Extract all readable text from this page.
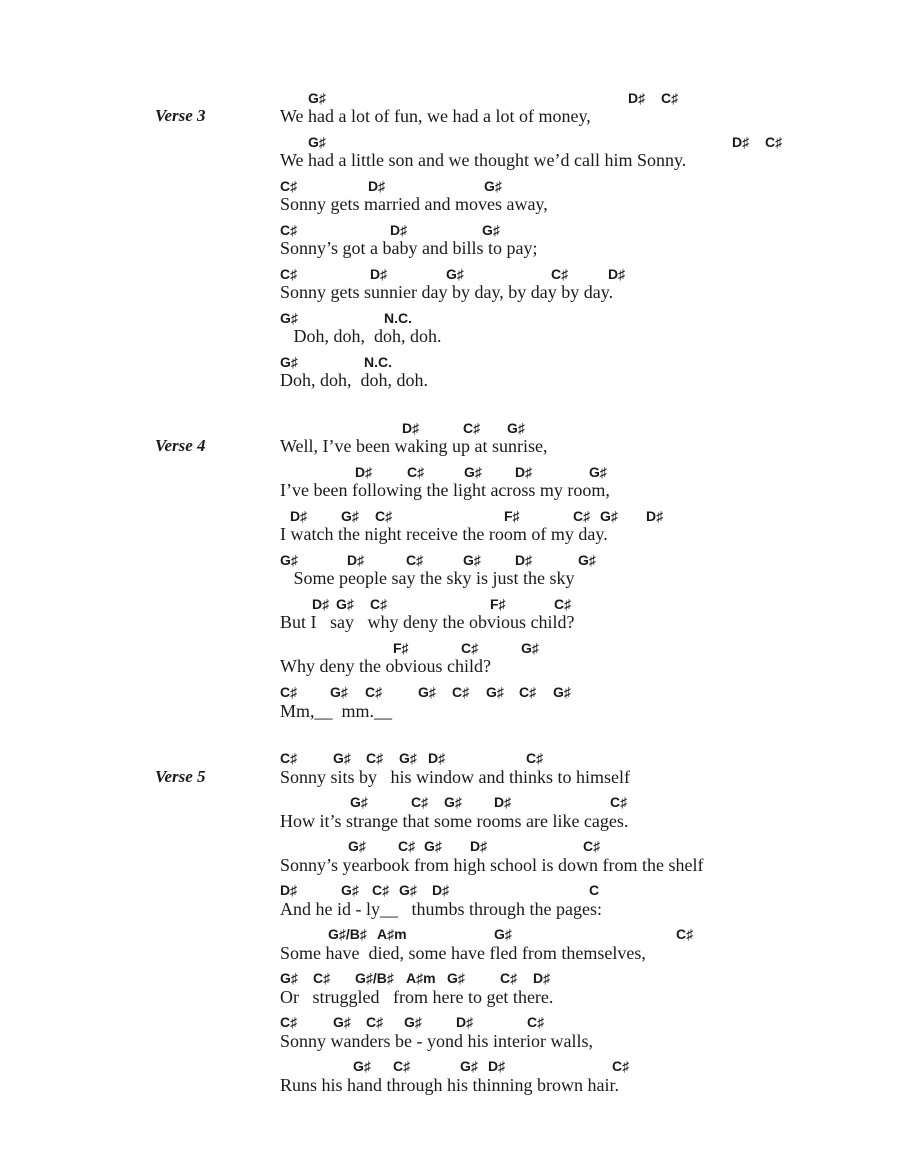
Verse 3
G♯	D♯ C♯
We had a lot of fun, we had a lot of money,
G♯	D♯ C♯
We had a little son and we thought we’d call him Sonny.
C♯	D♯	G♯
Sonny gets married and moves away,
C♯	D♯	G♯
Sonny’s got a baby and bills to pay;
C♯	D♯	G♯	C♯	D♯
Sonny gets sunnier day by day, by day by day.
G♯	N.C.
Doh, doh,  doh, doh.
G♯	N.C.
Doh, doh,  doh, doh.
Verse 4
D♯	C♯ G♯
Well, I’ve been waking up at sunrise,
D♯ C♯	G♯ D♯	G♯
I’ve been following the light across my room,
D♯ G♯ C♯	F♯	C♯ G♯ D♯
I watch the night receive the room of my day.
G♯	D♯	C♯	G♯ D♯	G♯
Some people say the sky is just the sky
D♯ G♯ C♯	F♯	C♯
But I   say   why deny the obvious child?
F♯	C♯	G♯
Why deny the obvious child?
C♯ G♯ C♯	G♯ C♯ G♯ C♯ G♯
Mm,__  mm.__
Verse 5
C♯	G♯ C♯ G♯ D♯	C♯
Sonny sits by   his window and thinks to himself
G♯	C♯ G♯ D♯	C♯
How it’s strange that some rooms are like cages.
G♯ C♯ G♯ D♯	C♯
Sonny’s yearbook from high school is down from the shelf
D♯	G♯ C♯ G♯ D♯	C
And he id - ly__   thumbs through the pages:
G♯/B♯ A♯m	G♯	C♯
Some have  died, some have fled from themselves,
G♯ C♯ G♯/B♯ A♯m G♯	C♯ D♯
Or   struggled   from here to get there.
C♯	G♯ C♯ G♯ D♯	C♯
Sonny wanders be - yond his interior walls,
G♯ C♯	G♯ D♯	C♯
Runs his hand through his thinning brown hair.
